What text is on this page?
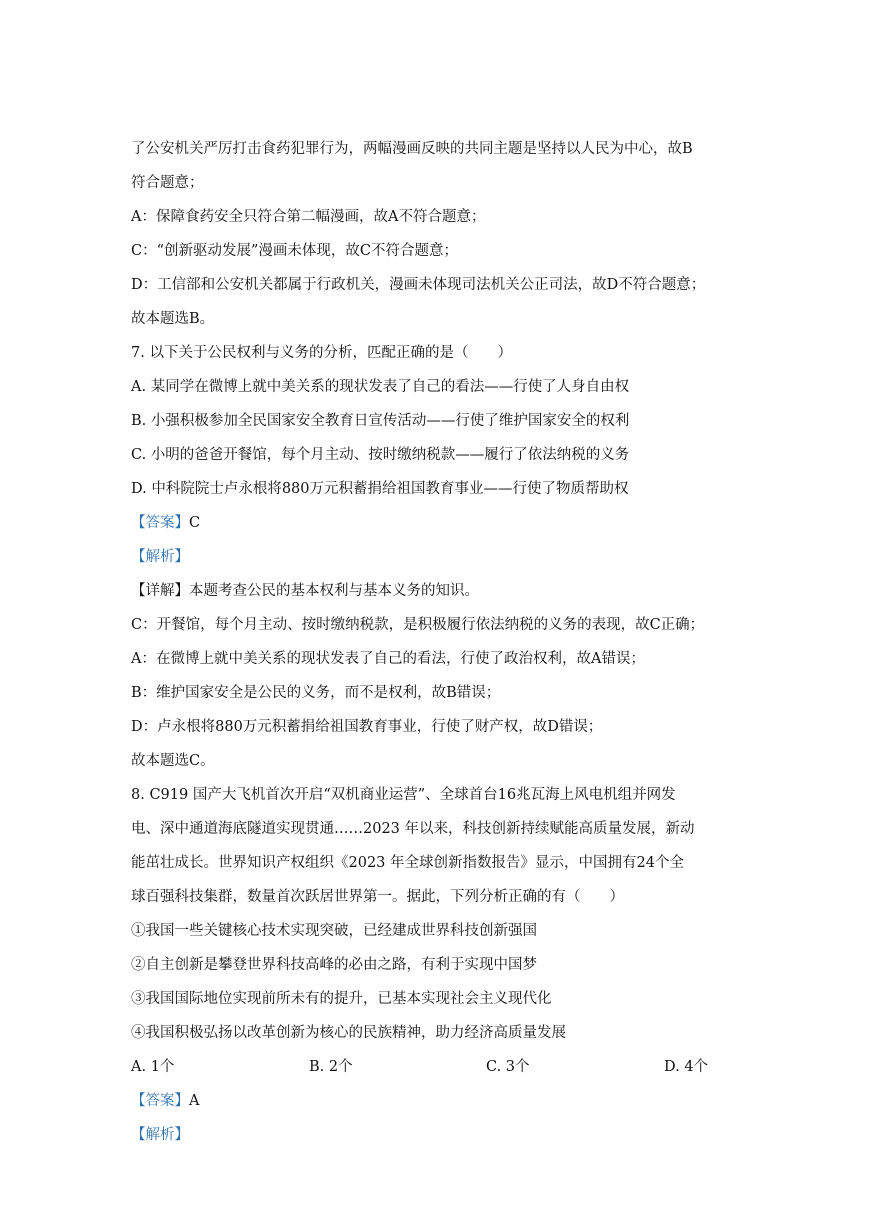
了公安机关严厉打击食药犯罪行为，两幅漫画反映的共同主题是坚持以人民为中心，故B
符合题意；
A：保障食药安全只符合第二幅漫画，故A不符合题意；
C：“创新驱动发展”漫画未体现，故C不符合题意；
D：工信部和公安机关都属于行政机关，漫画未体现司法机关公正司法，故D不符合题意；
故本题选B。
7. 以下关于公民权利与义务的分析，匹配正确的是（　　）
A. 某同学在微博上就中美关系的现状发表了自己的看法——行使了人身自由权
B. 小强积极参加全民国家安全教育日宣传活动——行使了维护国家安全的权利
C. 小明的爸爸开餐馆，每个月主动、按时缴纳税款——履行了依法纳税的义务
D. 中科院院士卢永根将880万元积蓄捐给祖国教育事业——行使了物质帮助权
【答案】C
【解析】
【详解】本题考查公民的基本权利与基本义务的知识。
C：开餐馆，每个月主动、按时缴纳税款，是积极履行依法纳税的义务的表现，故C正确；
A：在微博上就中美关系的现状发表了自己的看法，行使了政治权利，故A错误；
B：维护国家安全是公民的义务，而不是权利，故B错误；
D：卢永根将880万元积蓄捐给祖国教育事业，行使了财产权，故D错误；
故本题选C。
8. C919 国产大飞机首次开启“双机商业运营”、全球首台16兆瓦海上风电机组并网发
电、深中通道海底隧道实现贯通……2023 年以来，科技创新持续赋能高质量发展，新动
能茁壮成长。世界知识产权组织《2023 年全球创新指数报告》显示，中国拥有24个全
球百强科技集群，数量首次跃居世界第一。据此，下列分析正确的有（　　）
①我国一些关键核心技术实现突破，已经建成世界科技创新强国
②自主创新是攀登世界科技高峰的必由之路，有利于实现中国梦
③我国国际地位实现前所未有的提升，已基本实现社会主义现代化
④我国积极弘扬以改革创新为核心的民族精神，助力经济高质量发展
A. 1个	B. 2个	C. 3个	D. 4个
【答案】A
【解析】
